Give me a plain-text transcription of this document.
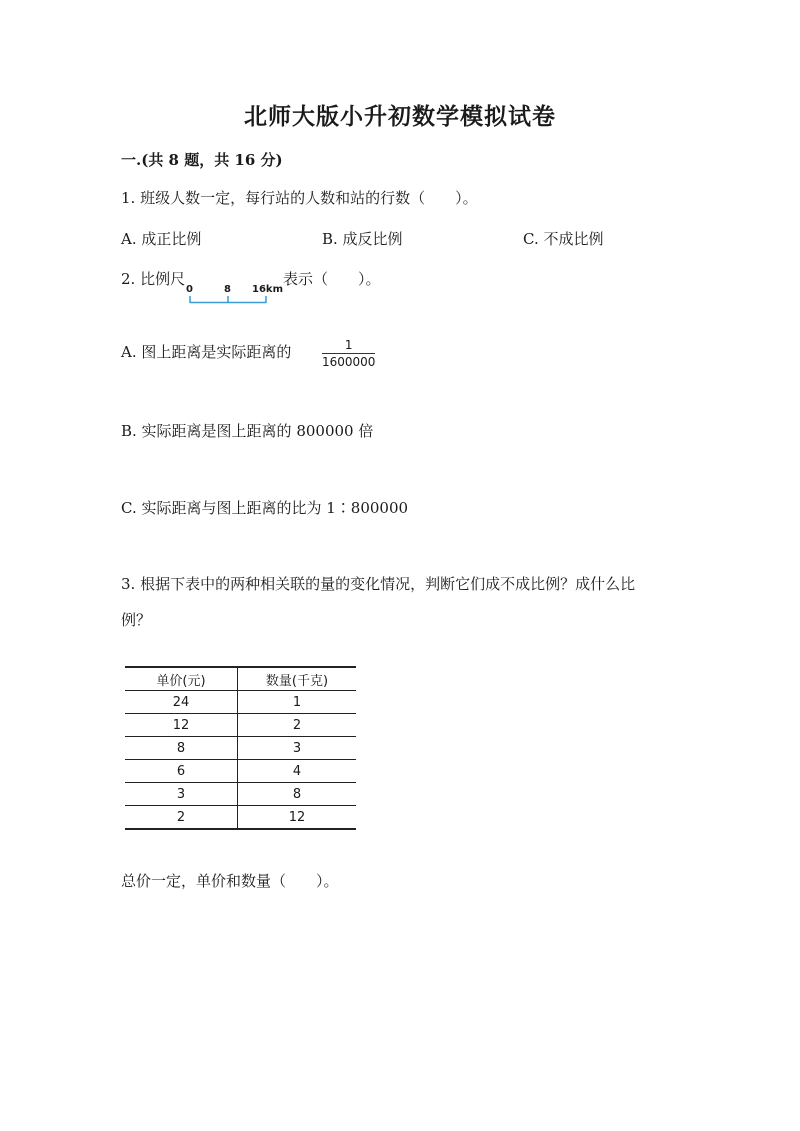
北师大版小升初数学模拟试卷
一.(共 8 题，共 16 分)
1. 班级人数一定，每行站的人数和站的行数（　　）。
A. 成正比例	B. 成反比例	C. 不成比例
2. 比例尺
0	8 16km
表示（　　）。
A. 图上距离是实际距离的	$\frac{1}{1600000}$
B. 实际距离是图上距离的 800000 倍
C. 实际距离与图上距离的比为 1∶800000
3. 根据下表中的两种相关联的量的变化情况，判断它们成不成比例？成什么比
例？
单价(元)	数量(千克)
24	1
12	2
8	3
6	4
3	8
2	12
总价一定，单价和数量（　　）。
